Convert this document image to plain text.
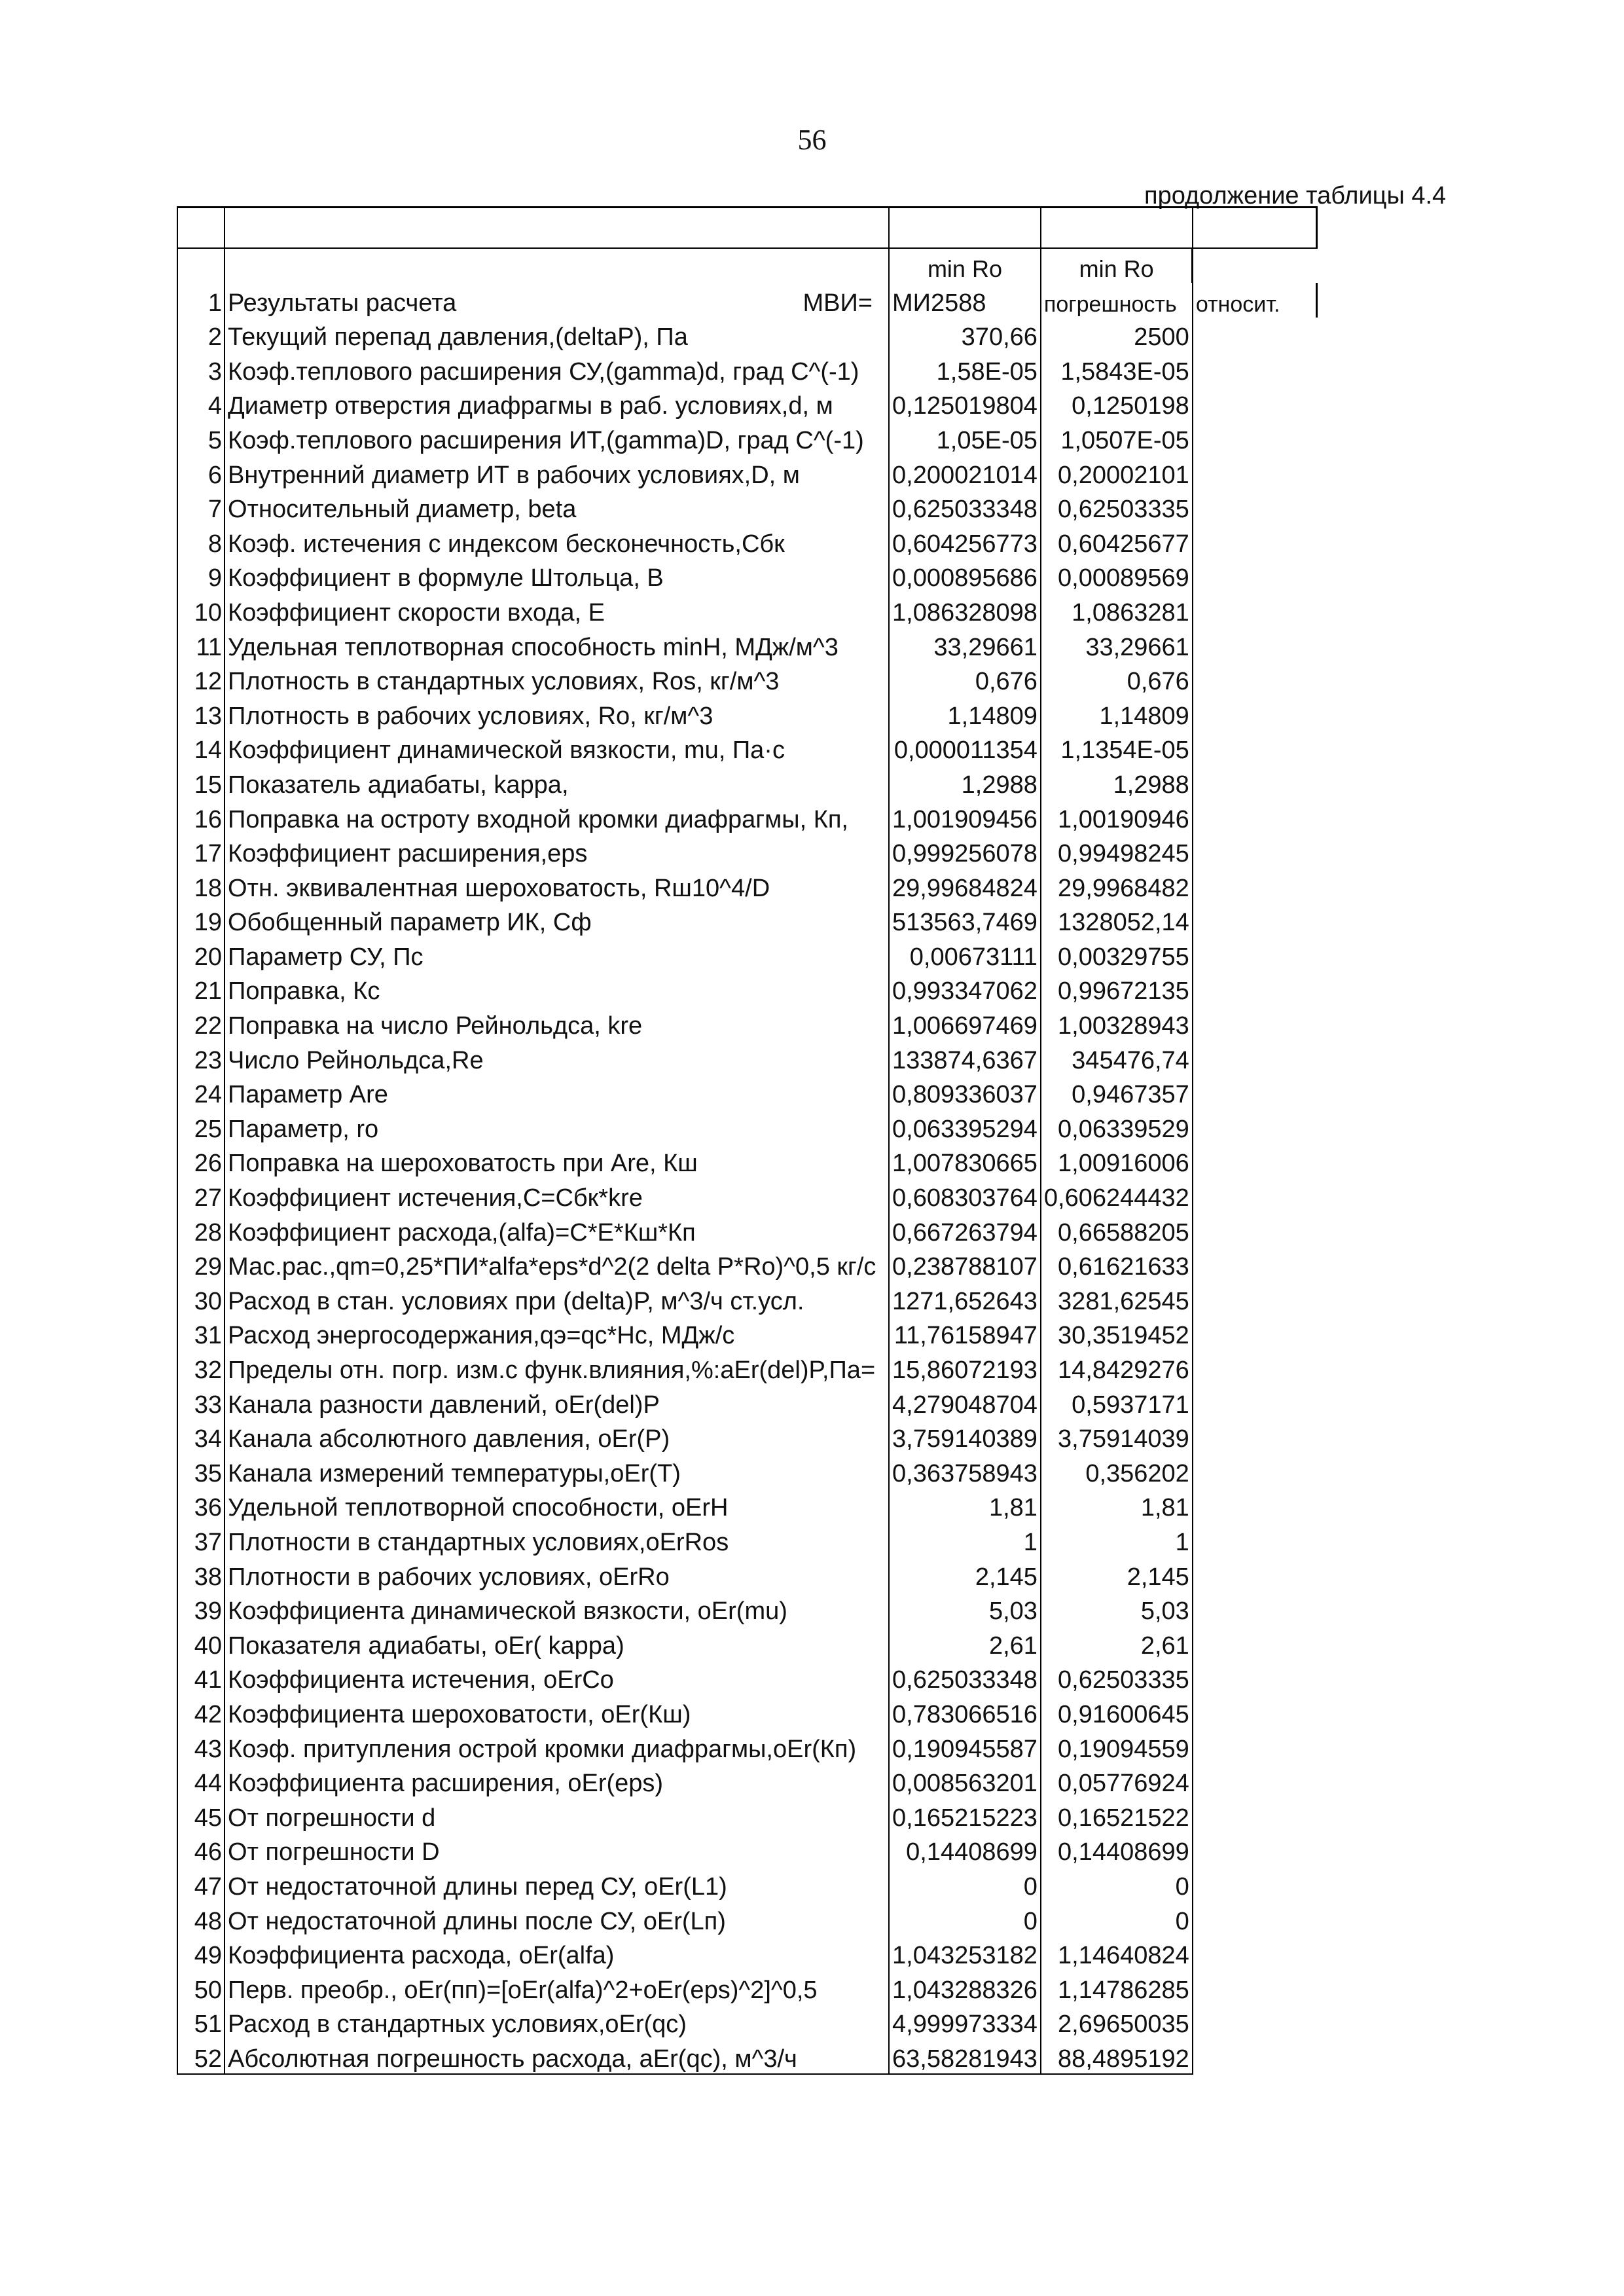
56
продолжение таблицы 4.4

		min Ro	min Ro	
1	Результаты расчета МВИ=	МИ2588	погрешность	относит.
2	Текущий перепад давления,(deltaP), Па	370,66	2500	
3	Коэф.теплового расширения СУ,(gamma)d, град C^(-1)	1,58E-05	1,5843E-05	
4	Диаметр отверстия диафрагмы в раб. условиях,d, м	0,125019804	0,1250198	
5	Коэф.теплового расширения ИТ,(gamma)D, град C^(-1)	1,05E-05	1,0507E-05	
6	Внутренний диаметр ИТ в рабочих условиях,D, м	0,200021014	0,20002101	
7	Относительный диаметр, beta	0,625033348	0,62503335	
8	Коэф. истечения с индексом бесконечность,Сбк	0,604256773	0,60425677	
9	Коэффициент в формуле Штольца, В	0,000895686	0,00089569	
10	Коэффициент скорости входа, E	1,086328098	1,0863281	
11	Удельная теплотворная способность minH, МДж/м^3	33,29661	33,29661	
12	Плотность в стандартных условиях, Ros, кг/м^3	0,676	0,676	
13	Плотность в рабочих условиях, Ro, кг/м^3	1,14809	1,14809	
14	Коэффициент динамической вязкости, mu, Па·с	0,000011354	1,1354E-05	
15	Показатель адиабаты, kappa,	1,2988	1,2988	
16	Поправка на остроту входной кромки диафрагмы, Кп,	1,001909456	1,00190946	
17	Коэффициент расширения,eps	0,999256078	0,99498245	
18	Отн. эквивалентная шероховатость, Rш10^4/D	29,99684824	29,9968482	
19	Обобщенный параметр ИК, Сф	513563,7469	1328052,14	
20	Параметр СУ, Пс	0,00673111	0,00329755	
21	Поправка, Кс	0,993347062	0,99672135	
22	Поправка на число Рейнольдса, kre	1,006697469	1,00328943	
23	Число Рейнольдса,Re	133874,6367	345476,74	
24	Параметр Are	0,809336037	0,9467357	
25	Параметр, ro	0,063395294	0,06339529	
26	Поправка на шероховатость при Are, Кш	1,007830665	1,00916006	
27	Коэффициент истечения,C=Сбк*kre	0,608303764	0,606244432	
28	Коэффициент расхода,(alfa)=C*E*Кш*Кп	0,667263794	0,66588205	
29	Мас.рас.,qm=0,25*ПИ*alfa*eps*d^2(2 delta P*Ro)^0,5 кг/с	0,238788107	0,61621633	
30	Расход в стан. условиях при (delta)P, м^3/ч ст.усл.	1271,652643	3281,62545	
31	Расход энергосодержания,qэ=qc*Hc, МДж/с	11,76158947	30,3519452	
32	Пределы отн. погр. изм.с функ.влияния,%:aEr(del)P,Па=	15,86072193	14,8429276	
33	Канала разности давлений, oEr(del)P	4,279048704	0,5937171	
34	Канала абсолютного давления, oEr(P)	3,759140389	3,75914039	
35	Канала измерений температуры,oEr(T)	0,363758943	0,356202	
36	Удельной теплотворной способности, oErH	1,81	1,81	
37	Плотности в стандартных условиях,oErRos	1	1	
38	Плотности в рабочих условиях, oErRo	2,145	2,145	
39	Коэффициента динамической вязкости, oEr(mu)	5,03	5,03	
40	Показателя адиабаты, oEr( kappa)	2,61	2,61	
41	Коэффициента истечения, oErCo	0,625033348	0,62503335	
42	Коэффициента шероховатости, oEr(Кш)	0,783066516	0,91600645	
43	Коэф. притупления острой кромки диафрагмы,oEr(Кп)	0,190945587	0,19094559	
44	Коэффициента расширения, oEr(eps)	0,008563201	0,05776924	
45	От погрешности d	0,165215223	0,16521522	
46	От погрешности D	0,14408699	0,14408699	
47	От недостаточной длины перед СУ, oEr(L1)	0	0	
48	От недостаточной длины после СУ, oEr(Lп)	0	0	
49	Коэффициента расхода, oEr(alfa)	1,043253182	1,14640824	
50	Перв. преобр., oEr(пп)=[oEr(alfa)^2+oEr(eps)^2]^0,5	1,043288326	1,14786285	
51	Расход в стандартных условиях,oEr(qc)	4,999973334	2,69650035	
52	Абсолютная погрешность расхода, aEr(qc), м^3/ч	63,58281943	88,4895192	
